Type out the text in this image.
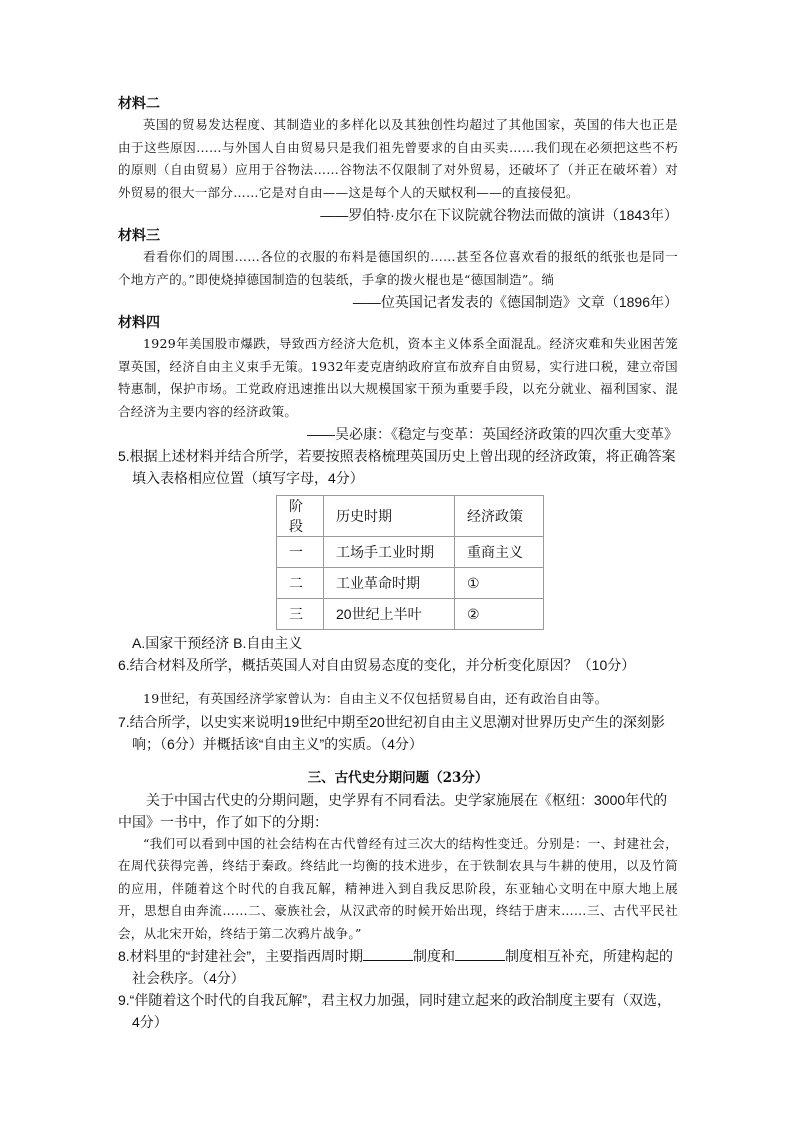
材料二

英国的贸易发达程度、其制造业的多样化以及其独创性均超过了其他国家，英国的伟大也正是由于这些原因……与外国人自由贸易只是我们祖先曾要求的自由买卖……我们现在必须把这些不朽的原则（自由贸易）应用于谷物法……谷物法不仅限制了对外贸易，还破坏了（并正在破坏着）对外贸易的很大一部分……它是对自由——这是每个人的天赋权利——的直接侵犯。

——罗伯特·皮尔在下议院就谷物法而做的演讲（1843年）

材料三

看看你们的周围……各位的衣服的布料是德国织的……甚至各位喜欢看的报纸的纸张也是同一个地方产的。”即使烧掉德国制造的包装纸，手拿的拨火棍也是“德国制造”。绱

——位英国记者发表的《德国制造》文章（1896年）

材料四

1929年美国股市爆跌，导致西方经济大危机，资本主义体系全面混乱。经济灾难和失业困苦笼罩英国，经济自由主义束手无策。1932年麦克唐纳政府宣布放弃自由贸易，实行进口税，建立帝国特惠制，保护市场。工党政府迅速推出以大规模国家干预为重要手段，以充分就业、福利国家、混合经济为主要内容的经济政策。

——吴必康：《稳定与变革：英国经济政策的四次重大变革》

5.根据上述材料并结合所学，若要按照表格梳理英国历史上曾出现的经济政策，将正确答案填入表格相应位置（填写字母，4分）

阶段	历史时期	经济政策
一	工场手工业时期	重商主义
二	工业革命时期	①
三	20世纪上半叶	②

A.国家干预经济 B.自由主义

6.结合材料及所学，概括英国人对自由贸易态度的变化，并分析变化原因？（10分）

19世纪，有英国经济学家曾认为：自由主义不仅包括贸易自由，还有政治自由等。

7.结合所学，以史实来说明19世纪中期至20世纪初自由主义思潮对世界历史产生的深刻影响；（6分）并概括该“自由主义”的实质。（4分）

三、古代史分期问题（23分）

关于中国古代史的分期问题，史学界有不同看法。史学家施展在《枢纽：3000年代的中国》一书中，作了如下的分期：

“我们可以看到中国的社会结构在古代曾经有过三次大的结构性变迁。分别是：一、封建社会，在周代获得完善，终结于秦政。终结此一均衡的技术进步，在于铁制农具与牛耕的使用，以及竹简的应用，伴随着这个时代的自我瓦解，精神进入到自我反思阶段，东亚轴心文明在中原大地上展开，思想自由奔流……二、豪族社会，从汉武帝的时候开始出现，终结于唐末……三、古代平民社会，从北宋开始，终结于第二次鸦片战争。”

8.材料里的“封建社会”，主要指西周时期	制度和	制度相互补充，所建构起的社会秩序。（4分）

9.“伴随着这个时代的自我瓦解”，君主权力加强，同时建立起来的政治制度主要有（双选，4分）
